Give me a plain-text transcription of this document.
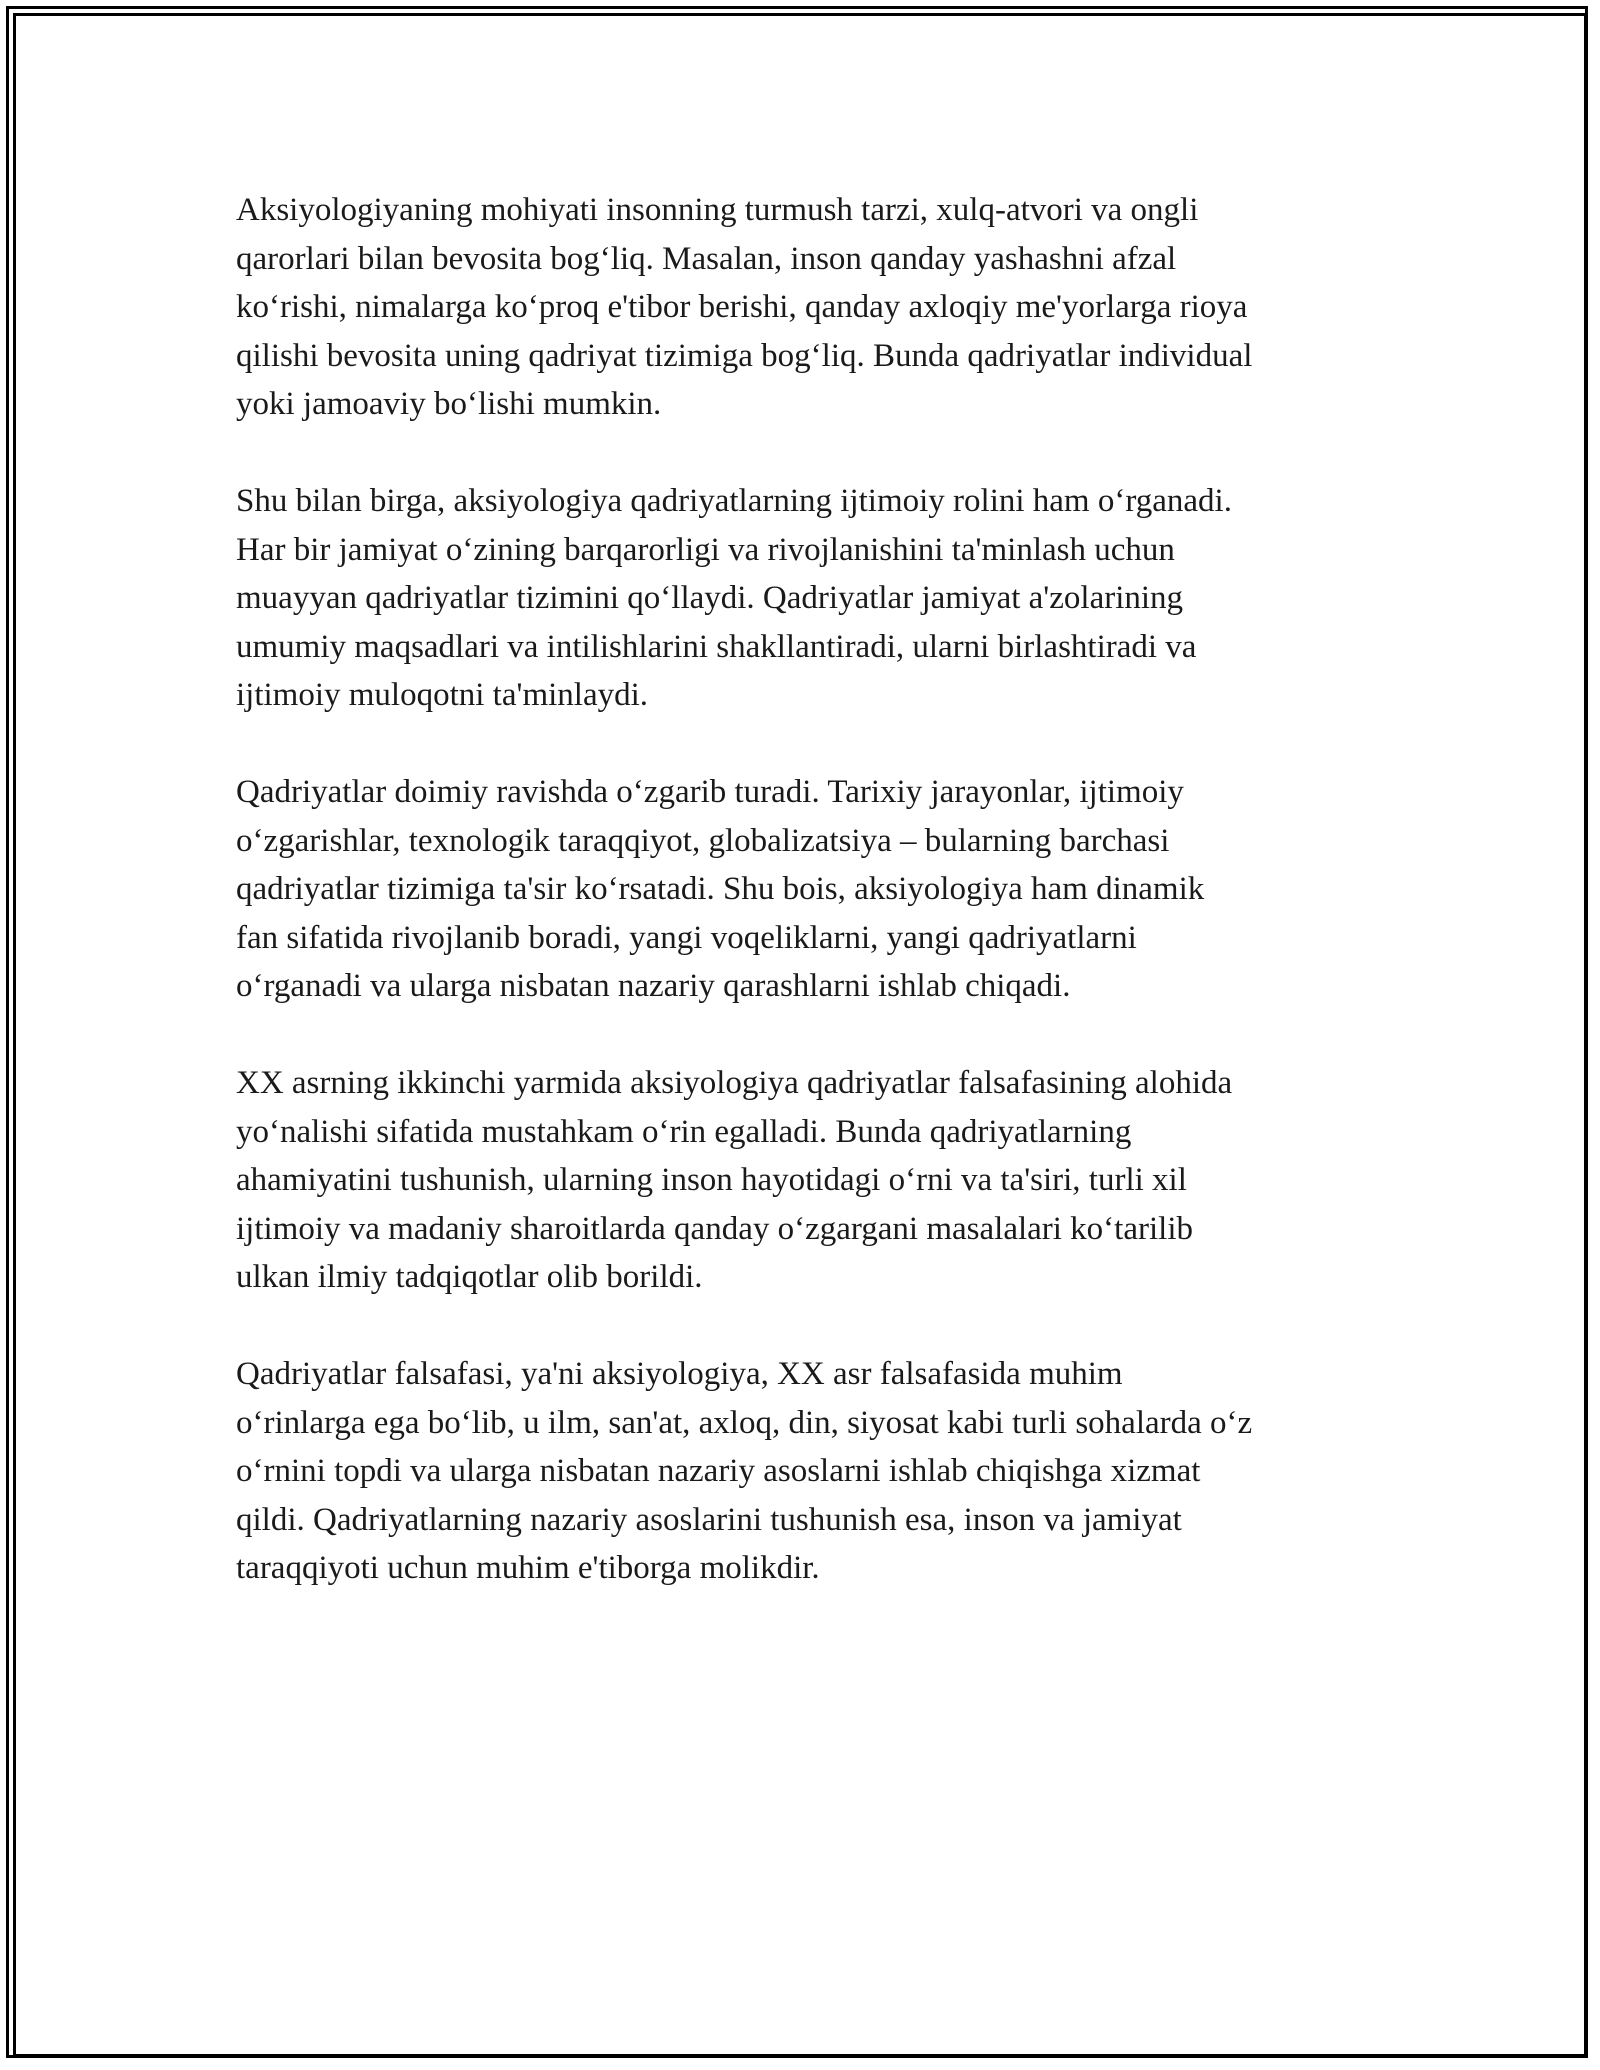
Aksiyologiyaning mohiyati insonning turmush tarzi, xulq-atvori va ongli
qarorlari bilan bevosita bog‘liq. Masalan, inson qanday yashashni afzal
ko‘rishi, nimalarga ko‘proq e'tibor berishi, qanday axloqiy me'yorlarga rioya
qilishi bevosita uning qadriyat tizimiga bog‘liq. Bunda qadriyatlar individual
yoki jamoaviy bo‘lishi mumkin.

Shu bilan birga, aksiyologiya qadriyatlarning ijtimoiy rolini ham o‘rganadi.
Har bir jamiyat o‘zining barqarorligi va rivojlanishini ta'minlash uchun
muayyan qadriyatlar tizimini qo‘llaydi. Qadriyatlar jamiyat a'zolarining
umumiy maqsadlari va intilishlarini shakllantiradi, ularni birlashtiradi va
ijtimoiy muloqotni ta'minlaydi.

Qadriyatlar doimiy ravishda o‘zgarib turadi. Tarixiy jarayonlar, ijtimoiy
o‘zgarishlar, texnologik taraqqiyot, globalizatsiya – bularning barchasi
qadriyatlar tizimiga ta'sir ko‘rsatadi. Shu bois, aksiyologiya ham dinamik
fan sifatida rivojlanib boradi, yangi voqeliklarni, yangi qadriyatlarni
o‘rganadi va ularga nisbatan nazariy qarashlarni ishlab chiqadi.

XX asrning ikkinchi yarmida aksiyologiya qadriyatlar falsafasining alohida
yo‘nalishi sifatida mustahkam o‘rin egalladi. Bunda qadriyatlarning
ahamiyatini tushunish, ularning inson hayotidagi o‘rni va ta'siri, turli xil
ijtimoiy va madaniy sharoitlarda qanday o‘zgargani masalalari ko‘tarilib
ulkan ilmiy tadqiqotlar olib borildi.

Qadriyatlar falsafasi, ya'ni aksiyologiya, XX asr falsafasida muhim
o‘rinlarga ega bo‘lib, u ilm, san'at, axloq, din, siyosat kabi turli sohalarda o‘z
o‘rnini topdi va ularga nisbatan nazariy asoslarni ishlab chiqishga xizmat
qildi. Qadriyatlarning nazariy asoslarini tushunish esa, inson va jamiyat
taraqqiyoti uchun muhim e'tiborga molikdir.
